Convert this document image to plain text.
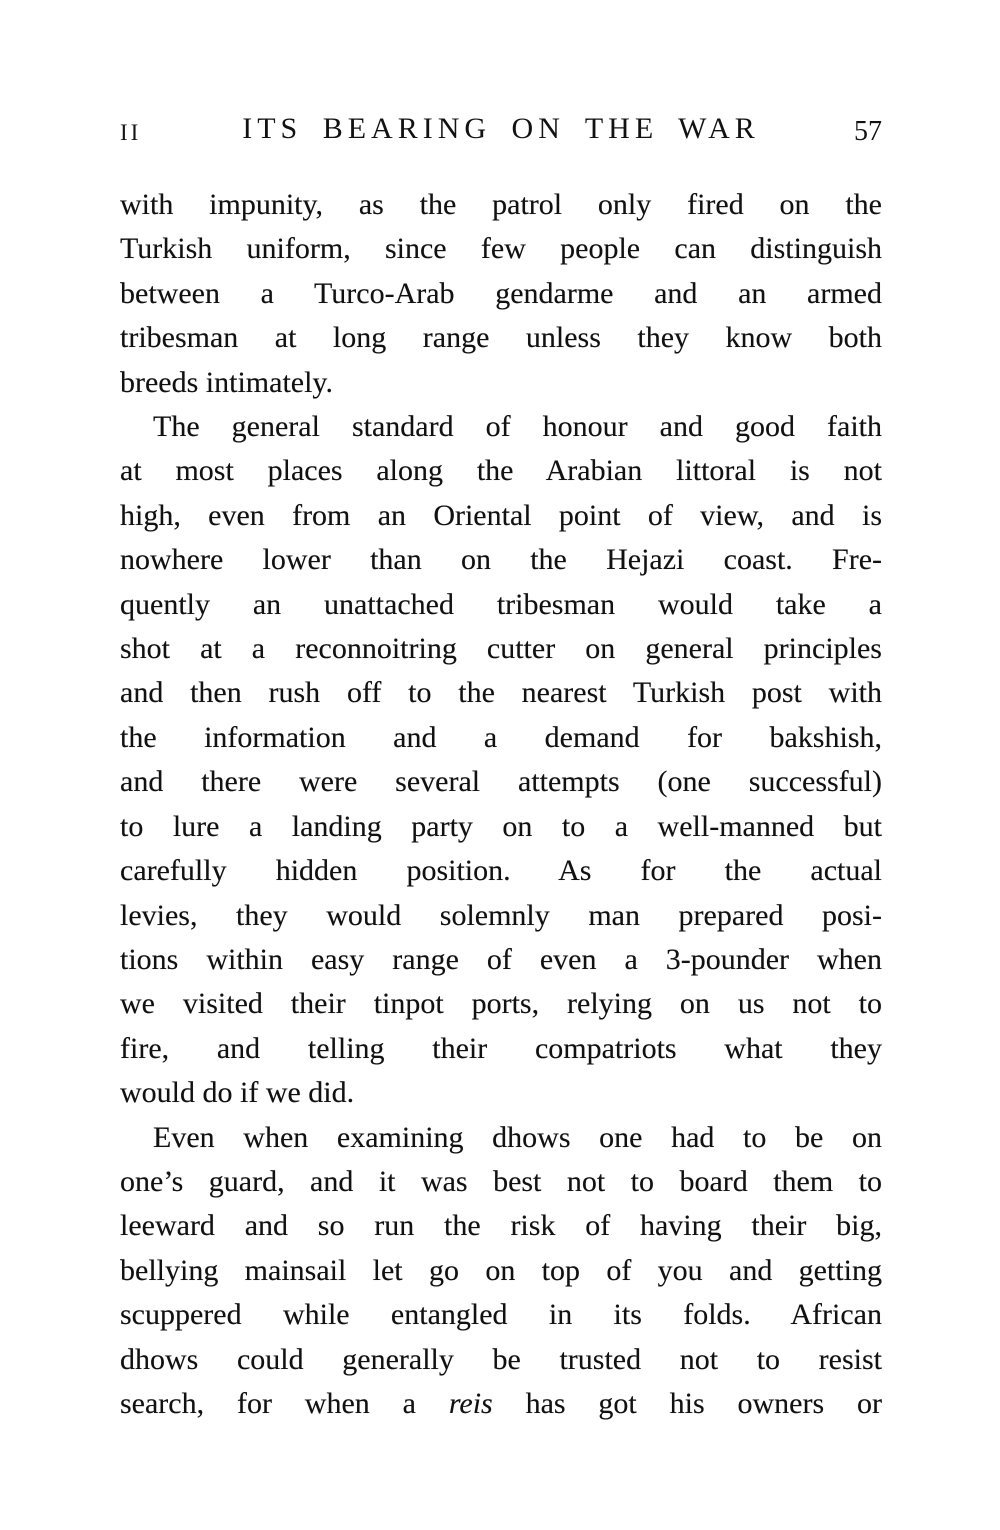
II	ITS BEARING ON THE WAR	57
with impunity, as the patrol only fired on the
Turkish uniform, since few people can distinguish
between a Turco-Arab gendarme and an armed
tribesman at long range unless they know both
breeds intimately.
The general standard of honour and good faith
at most places along the Arabian littoral is not
high, even from an Oriental point of view, and is
nowhere lower than on the Hejazi coast. Fre-
quently an unattached tribesman would take a
shot at a reconnoitring cutter on general principles
and then rush off to the nearest Turkish post with
the information and a demand for bakshish,
and there were several attempts (one successful)
to lure a landing party on to a well-manned but
carefully hidden position. As for the actual
levies, they would solemnly man prepared posi-
tions within easy range of even a 3-pounder when
we visited their tinpot ports, relying on us not to
fire, and telling their compatriots what they
would do if we did.
Even when examining dhows one had to be on
one’s guard, and it was best not to board them to
leeward and so run the risk of having their big,
bellying mainsail let go on top of you and getting
scuppered while entangled in its folds. African
dhows could generally be trusted not to resist
search, for when a reis has got his owners or
